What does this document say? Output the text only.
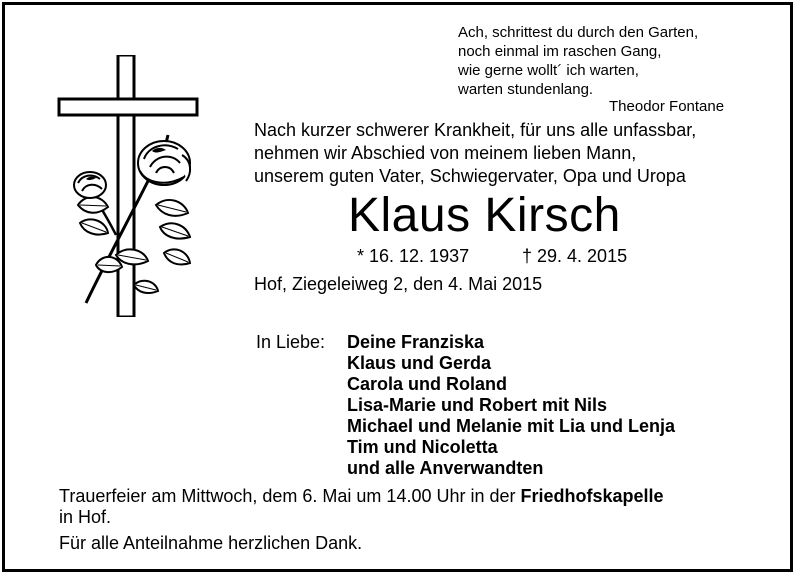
Ach, schrittest du durch den Garten,
noch einmal im raschen Gang,
wie gerne wollt´ ich warten,
warten stundenlang.
Theodor Fontane
Nach kurzer schwerer Krankheit, für uns alle unfassbar,
nehmen wir Abschied von meinem lieben Mann,
unserem guten Vater, Schwiegervater, Opa und Uropa
Klaus Kirsch
* 16. 12. 1937	† 29. 4. 2015
Hof, Ziegeleiweg 2, den 4. Mai 2015
In Liebe: Deine Franziska
Klaus und Gerda
Carola und Roland
Lisa-Marie und Robert mit Nils
Michael und Melanie mit Lia und Lenja
Tim und Nicoletta
und alle Anverwandten
Trauerfeier am Mittwoch, dem 6. Mai um 14.00 Uhr in der Friedhofskapelle
in Hof.
Für alle Anteilnahme herzlichen Dank.
